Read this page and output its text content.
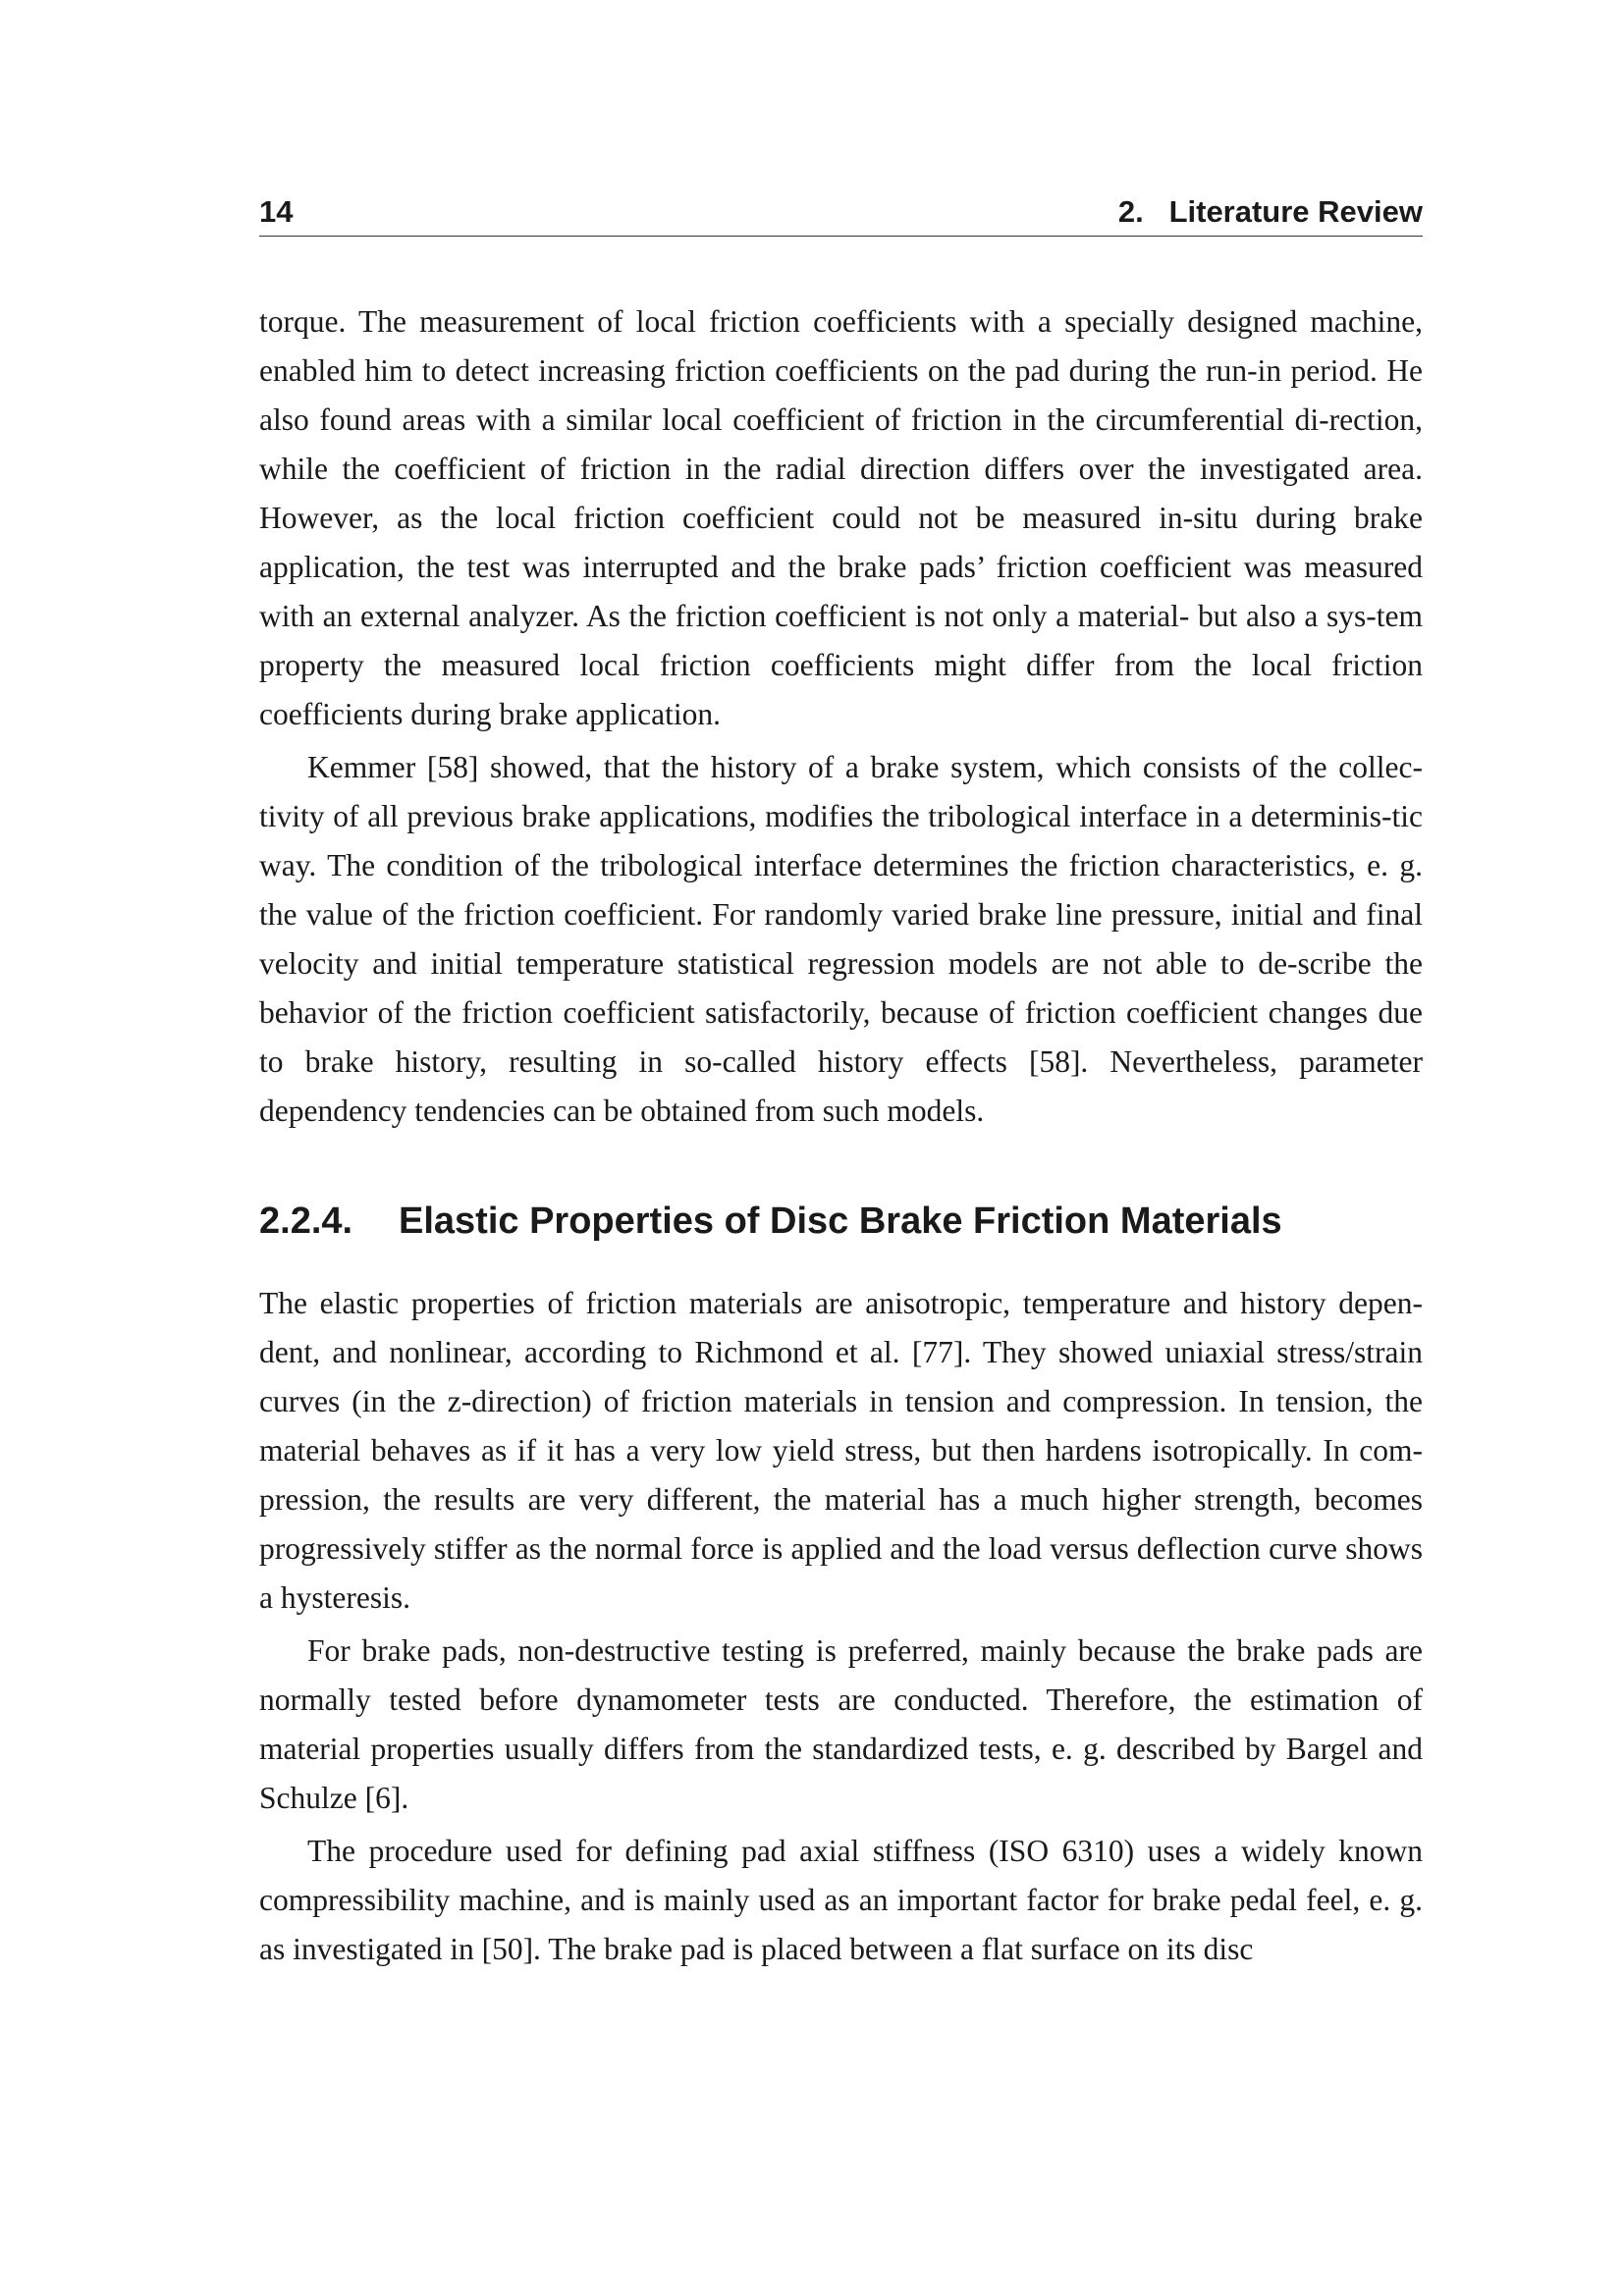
14	2.   Literature Review

torque. The measurement of local friction coefficients with a specially designed machine, enabled him to detect increasing friction coefficients on the pad during the run-in period. He also found areas with a similar local coefficient of friction in the circumferential di-rection, while the coefficient of friction in the radial direction differs over the investigated area. However, as the local friction coefficient could not be measured in-situ during brake application, the test was interrupted and the brake pads’ friction coefficient was measured with an external analyzer. As the friction coefficient is not only a material- but also a sys-tem property the measured local friction coefficients might differ from the local friction coefficients during brake application.

Kemmer [58] showed, that the history of a brake system, which consists of the collec-tivity of all previous brake applications, modifies the tribological interface in a determinis-tic way. The condition of the tribological interface determines the friction characteristics, e. g. the value of the friction coefficient. For randomly varied brake line pressure, initial and final velocity and initial temperature statistical regression models are not able to de-scribe the behavior of the friction coefficient satisfactorily, because of friction coefficient changes due to brake history, resulting in so-called history effects [58]. Nevertheless, parameter dependency tendencies can be obtained from such models.

2.2.4.	Elastic Properties of Disc Brake Friction Materials

The elastic properties of friction materials are anisotropic, temperature and history depen-dent, and nonlinear, according to Richmond et al. [77]. They showed uniaxial stress/strain curves (in the z-direction) of friction materials in tension and compression. In tension, the material behaves as if it has a very low yield stress, but then hardens isotropically. In com-pression, the results are very different, the material has a much higher strength, becomes progressively stiffer as the normal force is applied and the load versus deflection curve shows a hysteresis.

For brake pads, non-destructive testing is preferred, mainly because the brake pads are normally tested before dynamometer tests are conducted. Therefore, the estimation of material properties usually differs from the standardized tests, e. g. described by Bargel and Schulze [6].

The procedure used for defining pad axial stiffness (ISO 6310) uses a widely known compressibility machine, and is mainly used as an important factor for brake pedal feel, e. g. as investigated in [50]. The brake pad is placed between a flat surface on its disc
